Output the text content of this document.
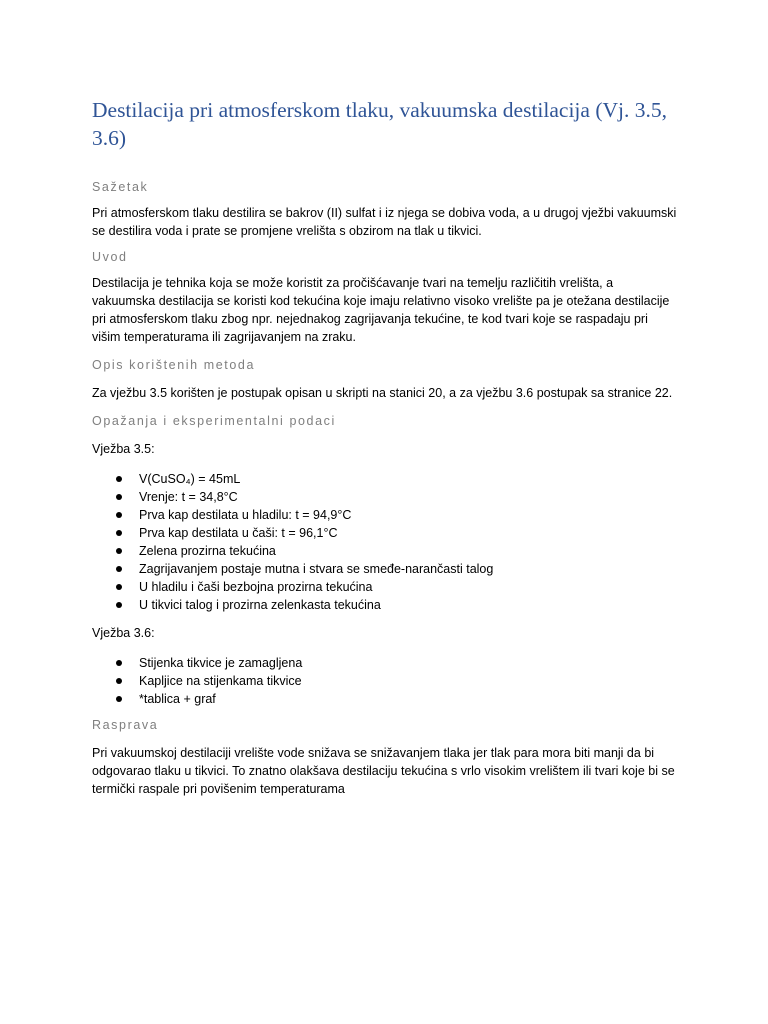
Destilacija pri atmosferskom tlaku, vakuumska destilacija (Vj. 3.5, 3.6)

Sažetak

Pri atmosferskom tlaku destilira se bakrov (II) sulfat i iz njega se dobiva voda, a u drugoj vježbi vakuumski se destilira voda i prate se promjene vrelišta s obzirom na tlak u tikvici.

Uvod

Destilacija je tehnika koja se može koristit za pročišćavanje tvari na temelju različitih vrelišta, a vakuumska destilacija se koristi kod tekućina koje imaju relativno visoko vrelište pa je otežana destilacije pri atmosferskom tlaku zbog npr. nejednakog zagrijavanja tekućine, te kod tvari koje se raspadaju pri višim temperaturama ili zagrijavanjem na zraku.

Opis korištenih metoda

Za vježbu 3.5 korišten je postupak opisan u skripti na stanici 20, a za vježbu 3.6 postupak sa stranice 22.

Opažanja i eksperimentalni podaci

Vježba 3.5:

V(CuSO₄) = 45mL
Vrenje: t = 34,8°C
Prva kap destilata u hladilu: t = 94,9°C
Prva kap destilata u čaši: t = 96,1°C
Zelena prozirna tekućina
Zagrijavanjem postaje mutna i stvara se smeđe-narančasti talog
U hladilu i čaši bezbojna prozirna tekućina
U tikvici talog i prozirna zelenkasta tekućina

Vježba 3.6:

Stijenka tikvice je zamagljena
Kapljice na stijenkama tikvice
*tablica + graf

Rasprava

Pri vakuumskoj destilaciji vrelište vode snižava se snižavanjem tlaka jer tlak para mora biti manji da bi odgovarao tlaku u tikvici. To znatno olakšava destilaciju tekućina s vrlo visokim vrelištem ili tvari koje bi se termički raspale pri povišenim temperaturama
